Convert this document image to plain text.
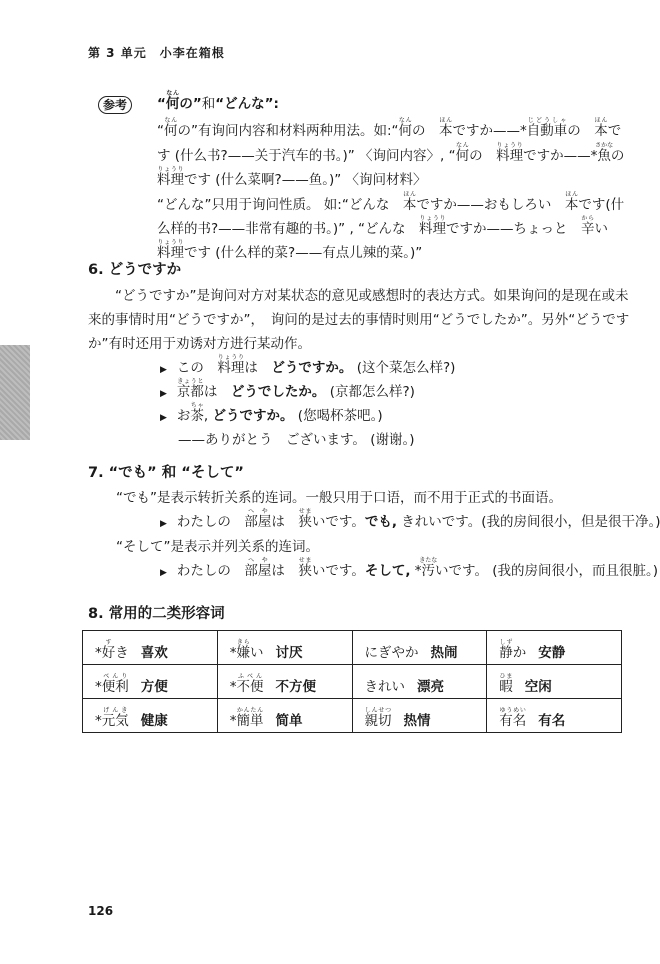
第 3 单元　小李在箱根
参考	“何なんの”和“どんな”:
“何なんの”有询问内容和材料两种用法。如:“何なんの　本ほんですか——*自動車じどうしゃの　本ほんで
す (什么书?——关于汽车的书。)” 〈询问内容〉, “何なんの　料理りょうりですか——*魚さかなの
料理りょうりです (什么菜啊?——鱼。)” 〈询问材料〉
“どんな”只用于询问性质。 如:“どんな　本ほんですか——おもしろい　本ほんです(什
么样的书?——非常有趣的书。)” , “どんな　料理りょうりですか——ちょっと　辛からい
料理りょうりです (什么样的菜?——有点儿辣的菜。)”
6. どうですか
　　“どうですか”是询问对方对某状态的意见或感想时的表达方式。如果询问的是现在或未
来的事情时用“どうですか”，　询问的是过去的事情时则用“どうでしたか”。另外“どうです
か”有时还用于劝诱对方进行某动作。
▶ この　料理りょうりは　どうですか。 (这个菜怎么样?)
▶ 京都きょうとは　どうでしたか。 (京都怎么样?)
▶ お茶ちゃ, どうですか。 (您喝杯茶吧。)
——ありがとう　ございます。 (谢谢。)
7. “でも” 和 “そして”
“でも”是表示转折关系的连词。一般只用于口语，而不用于正式的书面语。
▶ わたしの　部屋へやは　狭せまいです。でも, きれいです。(我的房间很小，但是很干净。)
“そして”是表示并列关系的连词。
▶ わたしの　部屋へやは　狭せまいです。そして, *汚きたないです。 (我的房间很小，而且很脏。)
8. 常用的二类形容词
*好すき 喜欢	*嫌きらい 讨厌	にぎやか 热闹	静しずか 安静
*便利べんり方便	*不便ふべん不方便	きれい 漂亮	暇ひま空闲
*元気げんき健康	*簡単かんたん简单	親切しんせつ热情	有名ゆうめい有名
126
